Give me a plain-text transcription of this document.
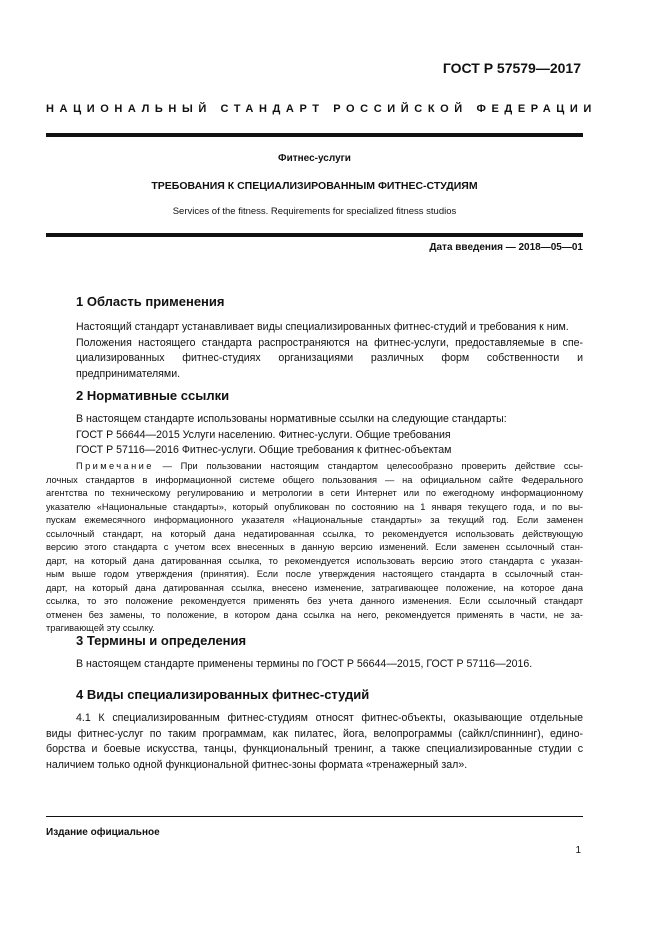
ГОСТ Р 57579—2017
НАЦИОНАЛЬНЫЙ СТАНДАРТ РОССИЙСКОЙ ФЕДЕРАЦИИ
Фитнес-услуги
ТРЕБОВАНИЯ К СПЕЦИАЛИЗИРОВАННЫМ ФИТНЕС-СТУДИЯМ
Services of the fitness. Requirements for specialized fitness studios
Дата введения — 2018—05—01
1 Область применения
Настоящий стандарт устанавливает виды специализированных фитнес-студий и требования к ним.
Положения настоящего стандарта распространяются на фитнес-услуги, предоставляемые в спе-
циализированных фитнес-студиях организациями различных форм собственности и
предпринимателями.
2 Нормативные ссылки
В настоящем стандарте использованы нормативные ссылки на следующие стандарты:
ГОСТ Р 56644—2015 Услуги населению. Фитнес-услуги. Общие требования
ГОСТ Р 57116—2016 Фитнес-услуги. Общие требования к фитнес-объектам
Примечание — При пользовании настоящим стандартом целесообразно проверить действие ссы-
лочных стандартов в информационной системе общего пользования — на официальном сайте Федерального
агентства по техническому регулированию и метрологии в сети Интернет или по ежегодному информационному
указателю «Национальные стандарты», который опубликован по состоянию на 1 января текущего года, и по вы-
пускам ежемесячного информационного указателя «Национальные стандарты» за текущий год. Если заменен
ссылочный стандарт, на который дана недатированная ссылка, то рекомендуется использовать действующую
версию этого стандарта с учетом всех внесенных в данную версию изменений. Если заменен ссылочный стан-
дарт, на который дана датированная ссылка, то рекомендуется использовать версию этого стандарта с указан-
ным выше годом утверждения (принятия). Если после утверждения настоящего стандарта в ссылочный стан-
дарт, на который дана датированная ссылка, внесено изменение, затрагивающее положение, на которое дана
ссылка, то это положение рекомендуется применять без учета данного изменения. Если ссылочный стандарт
отменен без замены, то положение, в котором дана ссылка на него, рекомендуется применять в части, не за-
трагивающей эту ссылку.
3 Термины и определения
В настоящем стандарте применены термины по ГОСТ Р 56644—2015, ГОСТ Р 57116—2016.
4 Виды специализированных фитнес-студий
4.1 К специализированным фитнес-студиям относят фитнес-объекты, оказывающие отдельные
виды фитнес-услуг по таким программам, как пилатес, йога, велопрограммы (сайкл/спиннинг), едино-
борства и боевые искусства, танцы, функциональный тренинг, а также специализированные студии с
наличием только одной функциональной фитнес-зоны формата «тренажерный зал».
Издание официальное
1
